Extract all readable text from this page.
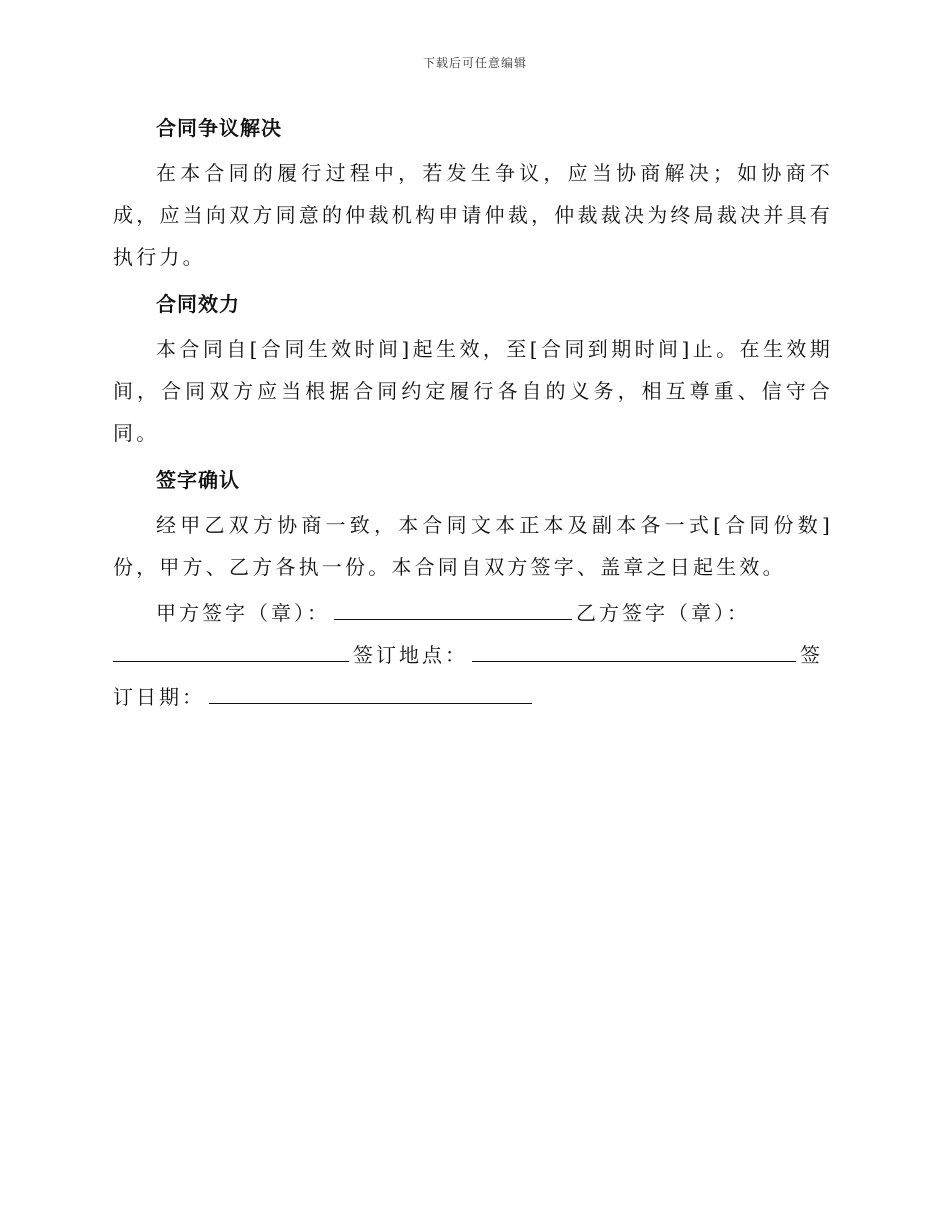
下载后可任意编辑
合同争议解决

在本合同的履行过程中，若发生争议，应当协商解决；如协商不成，应当向双方同意的仲裁机构申请仲裁，仲裁裁决为终局裁决并具有执行力。

合同效力

本合同自[合同生效时间]起生效，至[合同到期时间]止。在生效期间，合同双方应当根据合同约定履行各自的义务，相互尊重、信守合同。

签字确认

经甲乙双方协商一致，本合同文本正本及副本各一式[合同份数]份，甲方、乙方各执一份。本合同自双方签字、盖章之日起生效。

甲方签字（章）：	乙方签字（章）：
签订地点：	签
订日期：
